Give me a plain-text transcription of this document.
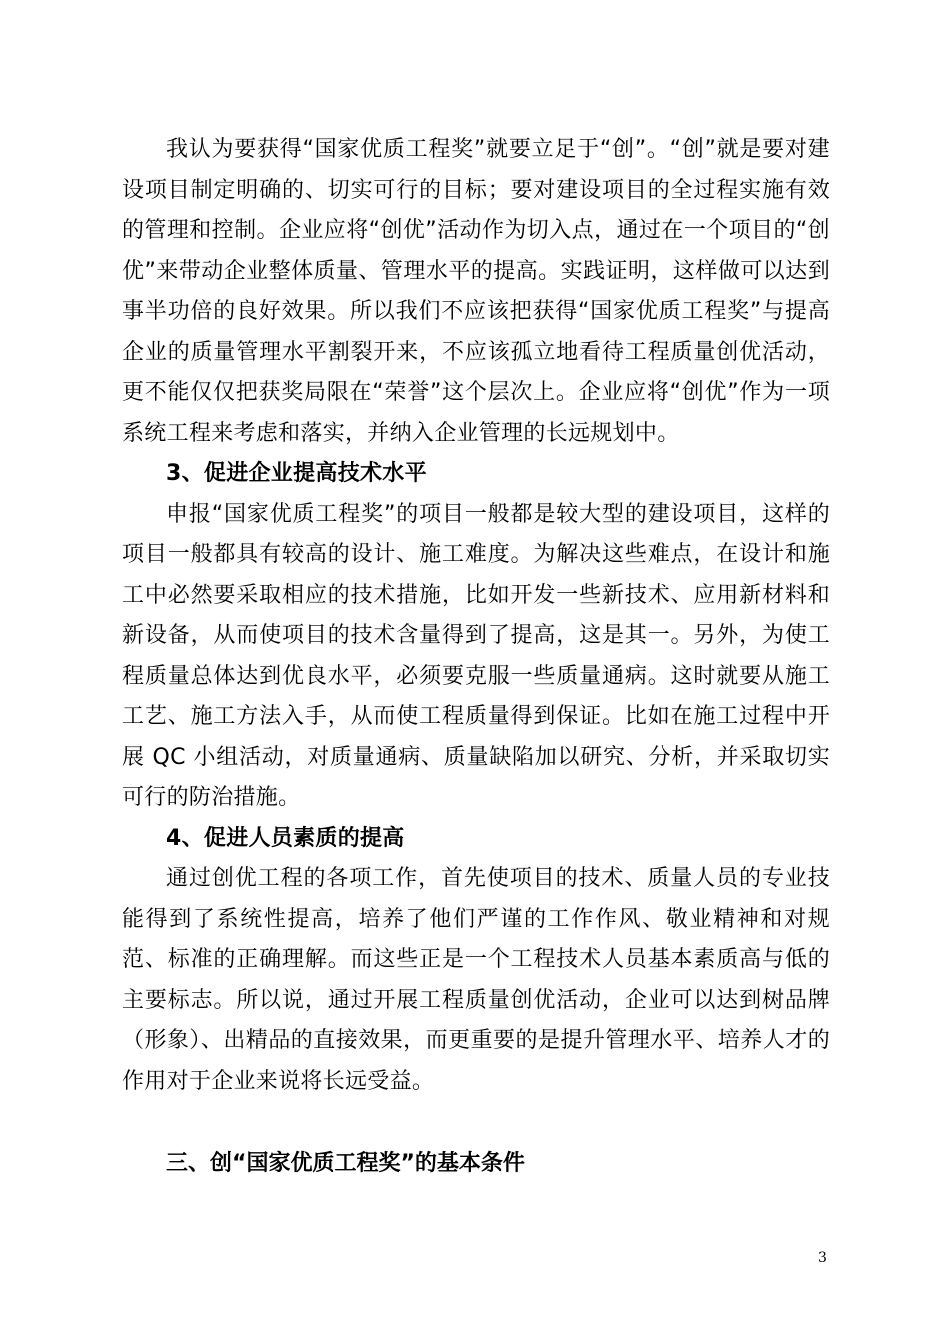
我认为要获得“国家优质工程奖”就要立足于“创”。“创”就是要对建设项目制定明确的、切实可行的目标；要对建设项目的全过程实施有效的管理和控制。企业应将“创优”活动作为切入点，通过在一个项目的“创优”来带动企业整体质量、管理水平的提高。实践证明，这样做可以达到事半功倍的良好效果。所以我们不应该把获得“国家优质工程奖”与提高企业的质量管理水平割裂开来，不应该孤立地看待工程质量创优活动，更不能仅仅把获奖局限在“荣誉”这个层次上。企业应将“创优”作为一项系统工程来考虑和落实，并纳入企业管理的长远规划中。

3、促进企业提高技术水平

申报“国家优质工程奖”的项目一般都是较大型的建设项目，这样的项目一般都具有较高的设计、施工难度。为解决这些难点，在设计和施工中必然要采取相应的技术措施，比如开发一些新技术、应用新材料和新设备，从而使项目的技术含量得到了提高，这是其一。另外，为使工程质量总体达到优良水平，必须要克服一些质量通病。这时就要从施工工艺、施工方法入手，从而使工程质量得到保证。比如在施工过程中开展 QC 小组活动，对质量通病、质量缺陷加以研究、分析，并采取切实可行的防治措施。

4、促进人员素质的提高

通过创优工程的各项工作，首先使项目的技术、质量人员的专业技能得到了系统性提高，培养了他们严谨的工作作风、敬业精神和对规范、标准的正确理解。而这些正是一个工程技术人员基本素质高与低的主要标志。所以说，通过开展工程质量创优活动，企业可以达到树品牌（形象）、出精品的直接效果，而更重要的是提升管理水平、培养人才的作用对于企业来说将长远受益。

三、创“国家优质工程奖”的基本条件

3
